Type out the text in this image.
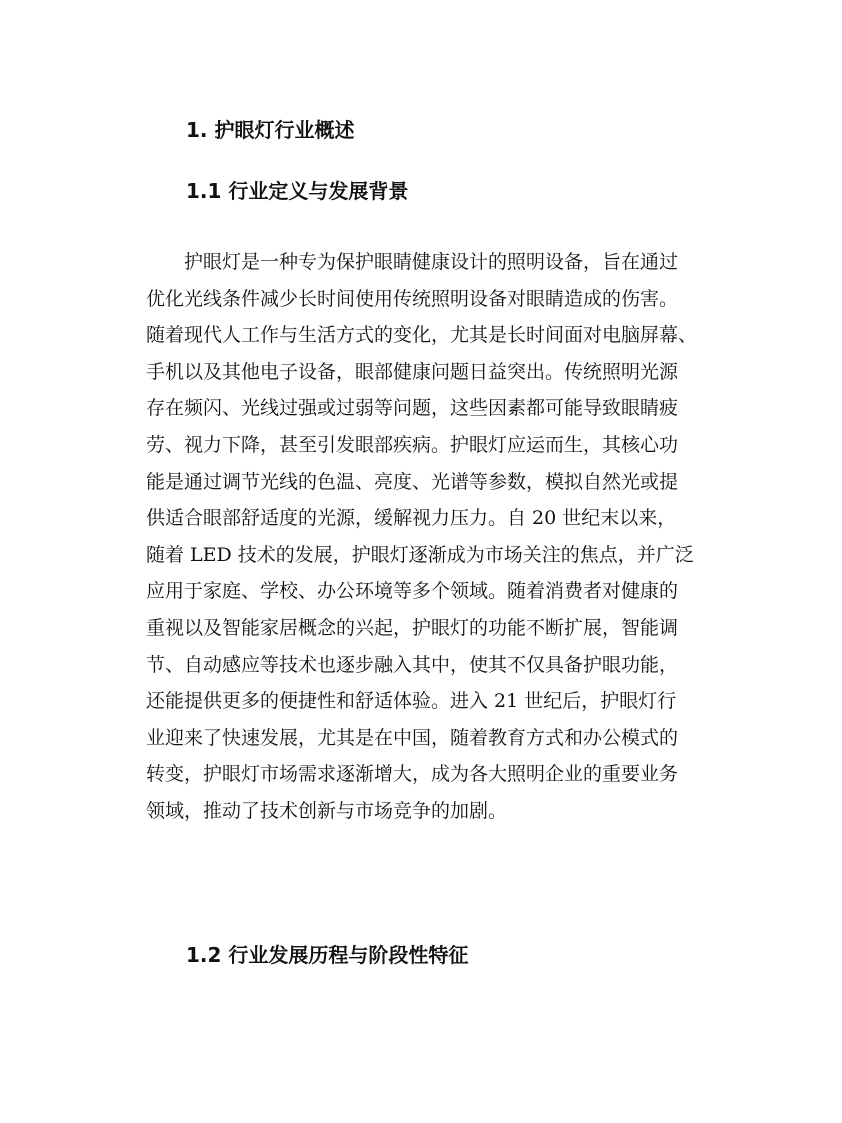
1. 护眼灯行业概述
1.1 行业定义与发展背景

护眼灯是一种专为保护眼睛健康设计的照明设备，旨在通过
优化光线条件减少长时间使用传统照明设备对眼睛造成的伤害。
随着现代人工作与生活方式的变化，尤其是长时间面对电脑屏幕、
手机以及其他电子设备，眼部健康问题日益突出。传统照明光源
存在频闪、光线过强或过弱等问题，这些因素都可能导致眼睛疲
劳、视力下降，甚至引发眼部疾病。护眼灯应运而生，其核心功
能是通过调节光线的色温、亮度、光谱等参数，模拟自然光或提
供适合眼部舒适度的光源，缓解视力压力。自 20 世纪末以来，
随着 LED 技术的发展，护眼灯逐渐成为市场关注的焦点，并广泛
应用于家庭、学校、办公环境等多个领域。随着消费者对健康的
重视以及智能家居概念的兴起，护眼灯的功能不断扩展，智能调
节、自动感应等技术也逐步融入其中，使其不仅具备护眼功能，
还能提供更多的便捷性和舒适体验。进入 21 世纪后，护眼灯行
业迎来了快速发展，尤其是在中国，随着教育方式和办公模式的
转变，护眼灯市场需求逐渐增大，成为各大照明企业的重要业务
领域，推动了技术创新与市场竞争的加剧。

1.2 行业发展历程与阶段性特征
